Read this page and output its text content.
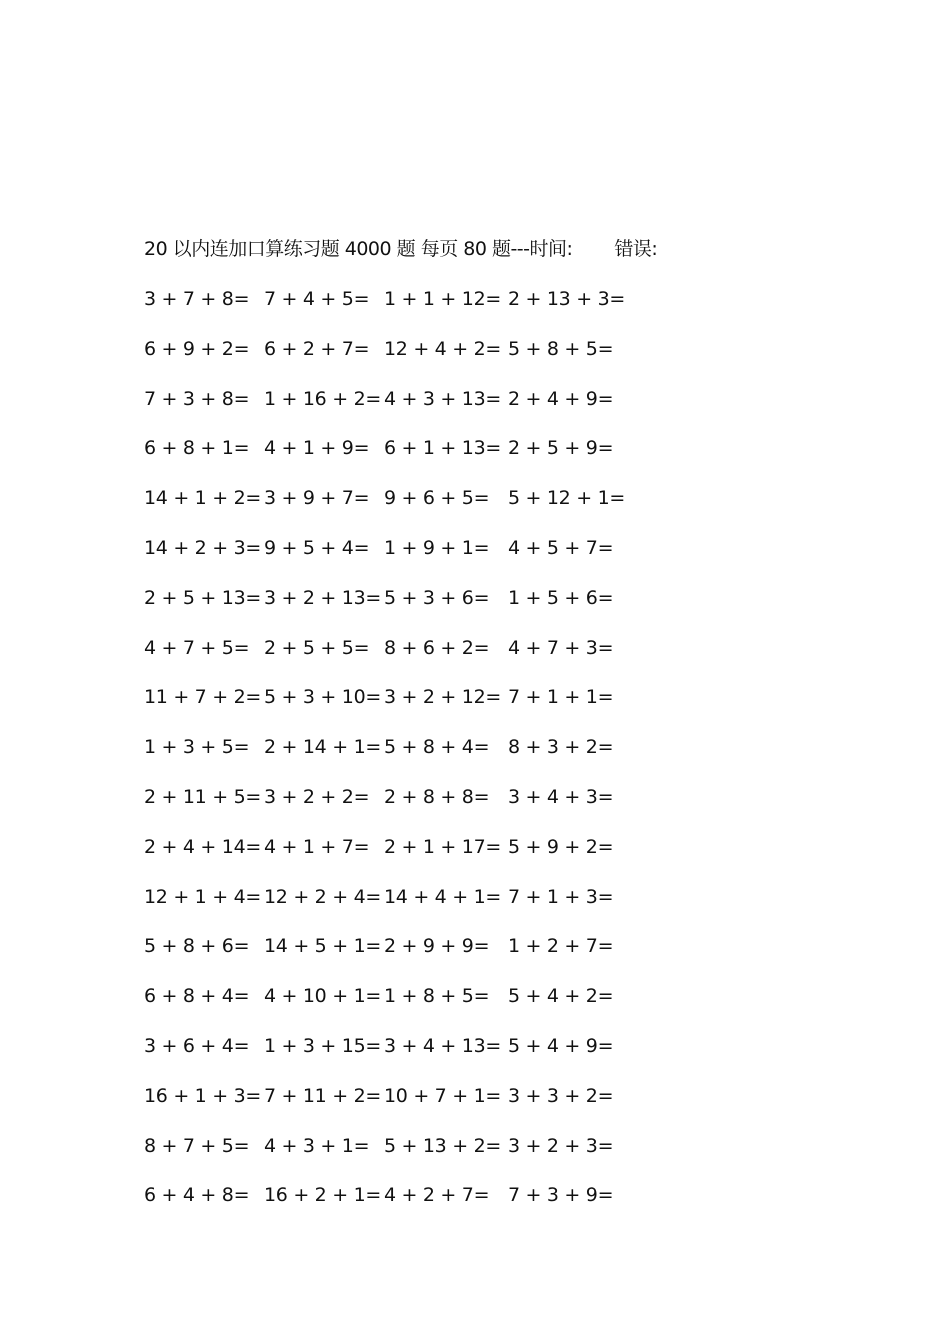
20 以内连加口算练习题 4000 题 每页 80 题---时间: 错误:
3 + 7 + 8= 7 + 4 + 5= 1 + 1 + 12= 2 + 13 + 3=
6 + 9 + 2= 6 + 2 + 7= 12 + 4 + 2= 5 + 8 + 5=
7 + 3 + 8= 1 + 16 + 2= 4 + 3 + 13= 2 + 4 + 9=
6 + 8 + 1= 4 + 1 + 9= 6 + 1 + 13= 2 + 5 + 9=
14 + 1 + 2= 3 + 9 + 7= 9 + 6 + 5= 5 + 12 + 1=
14 + 2 + 3= 9 + 5 + 4= 1 + 9 + 1= 4 + 5 + 7=
2 + 5 + 13= 3 + 2 + 13= 5 + 3 + 6= 1 + 5 + 6=
4 + 7 + 5= 2 + 5 + 5= 8 + 6 + 2= 4 + 7 + 3=
11 + 7 + 2= 5 + 3 + 10= 3 + 2 + 12= 7 + 1 + 1=
1 + 3 + 5= 2 + 14 + 1= 5 + 8 + 4= 8 + 3 + 2=
2 + 11 + 5= 3 + 2 + 2= 2 + 8 + 8= 3 + 4 + 3=
2 + 4 + 14= 4 + 1 + 7= 2 + 1 + 17= 5 + 9 + 2=
12 + 1 + 4= 12 + 2 + 4= 14 + 4 + 1= 7 + 1 + 3=
5 + 8 + 6= 14 + 5 + 1= 2 + 9 + 9= 1 + 2 + 7=
6 + 8 + 4= 4 + 10 + 1= 1 + 8 + 5= 5 + 4 + 2=
3 + 6 + 4= 1 + 3 + 15= 3 + 4 + 13= 5 + 4 + 9=
16 + 1 + 3= 7 + 11 + 2= 10 + 7 + 1= 3 + 3 + 2=
8 + 7 + 5= 4 + 3 + 1= 5 + 13 + 2= 3 + 2 + 3=
6 + 4 + 8= 16 + 2 + 1= 4 + 2 + 7= 7 + 3 + 9=
